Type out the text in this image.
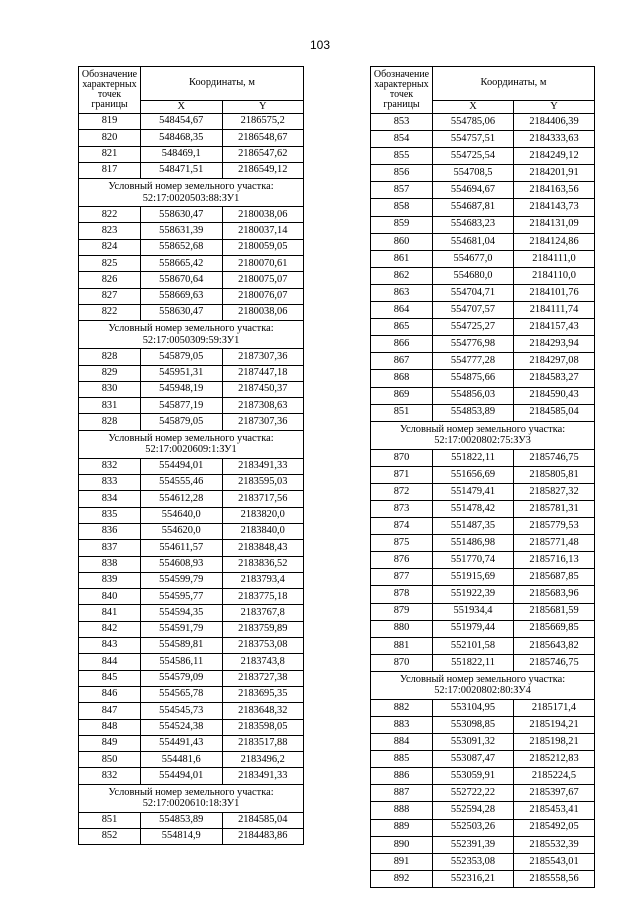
103
Обозначение характерных точек границы	Координаты, м	
	X	Y
819	548454,67	2186575,2
820	548468,35	2186548,67
821	548469,1	2186547,62
817	548471,51	2186549,12
Условный номер земельного участка: 52:17:0020503:88:ЗУ1		
822	558630,47	2180038,06
823	558631,39	2180037,14
824	558652,68	2180059,05
825	558665,42	2180070,61
826	558670,64	2180075,07
827	558669,63	2180076,07
822	558630,47	2180038,06
Условный номер земельного участка: 52:17:0050309:59:ЗУ1		
828	545879,05	2187307,36
829	545951,31	2187447,18
830	545948,19	2187450,37
831	545877,19	2187308,63
828	545879,05	2187307,36
Условный номер земельного участка: 52:17:0020609:1:ЗУ1		
832	554494,01	2183491,33
833	554555,46	2183595,03
834	554612,28	2183717,56
835	554640,0	2183820,0
836	554620,0	2183840,0
837	554611,57	2183848,43
838	554608,93	2183836,52
839	554599,79	2183793,4
840	554595,77	2183775,18
841	554594,35	2183767,8
842	554591,79	2183759,89
843	554589,81	2183753,08
844	554586,11	2183743,8
845	554579,09	2183727,38
846	554565,78	2183695,35
847	554545,73	2183648,32
848	554524,38	2183598,05
849	554491,43	2183517,88
850	554481,6	2183496,2
832	554494,01	2183491,33
Условный номер земельного участка: 52:17:0020610:18:ЗУ1		
851	554853,89	2184585,04
852	554814,9	2184483,86
Обозначение характерных точек границы	Координаты, м	
	X	Y
853	554785,06	2184406,39
854	554757,51	2184333,63
855	554725,54	2184249,12
856	554708,5	2184201,91
857	554694,67	2184163,56
858	554687,81	2184143,73
859	554683,23	2184131,09
860	554681,04	2184124,86
861	554677,0	2184111,0
862	554680,0	2184110,0
863	554704,71	2184101,76
864	554707,57	2184111,74
865	554725,27	2184157,43
866	554776,98	2184293,94
867	554777,28	2184297,08
868	554875,66	2184583,27
869	554856,03	2184590,43
851	554853,89	2184585,04
Условный номер земельного участка: 52:17:0020802:75:ЗУ3		
870	551822,11	2185746,75
871	551656,69	2185805,81
872	551479,41	2185827,32
873	551478,42	2185781,31
874	551487,35	2185779,53
875	551486,98	2185771,48
876	551770,74	2185716,13
877	551915,69	2185687,85
878	551922,39	2185683,96
879	551934,4	2185681,59
880	551979,44	2185669,85
881	552101,58	2185643,82
870	551822,11	2185746,75
Условный номер земельного участка: 52:17:0020802:80:ЗУ4		
882	553104,95	2185171,4
883	553098,85	2185194,21
884	553091,32	2185198,21
885	553087,47	2185212,83
886	553059,91	2185224,5
887	552722,22	2185397,67
888	552594,28	2185453,41
889	552503,26	2185492,05
890	552391,39	2185532,39
891	552353,08	2185543,01
892	552316,21	2185558,56
